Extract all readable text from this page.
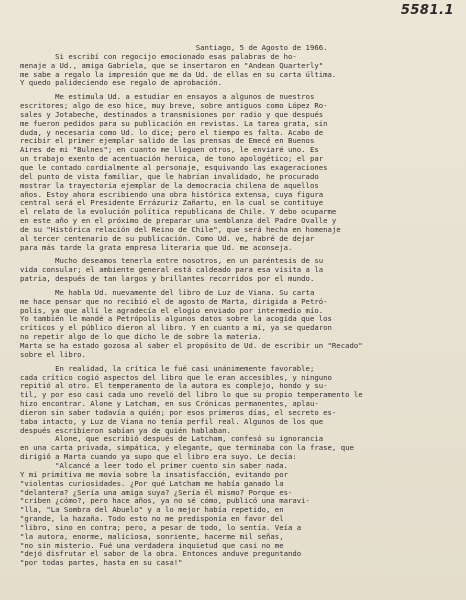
5581.1
Santiago, 5 de Agosto de 1966.
Si escribí con regocijo emocionado esas palabras de ho-
menaje a Ud., amiga Gabriela, que se insertaron en "Andean Quarterly"
me sabe a regalo la impresión que me da Ud. de ellas en su carta última.
Y quedo palideciendo ese regalo de aprobación.
Me estimula Ud. a estudiar en ensayos a algunos de nuestros
escritores; algo de eso hice, muy breve, sobre antiguos como López Ro-
sales y Jotabeche, destinados a transmisiones por radio y que después
me fueron pedidos para su publicación en revistas. La tarea grata, sin
duda, y necesaria como Ud. lo dice; pero el tiempo es falta. Acabo de
recibir el primer ejemplar salido de las prensas de Emecé en Buenos
Aires de mi "Bulnes"; en cuanto me lleguen otros, le enviaré uno. Es
un trabajo exento de acentuación heroica, de tono apologético; el par
que le contado cordialmente al personaje, esquivando las exageraciones
del punto de vista familiar, que le habrían invalidado, he procurado
mostrar la trayectoria ejemplar de la democracia chilena de aquellos
años. Estoy ahora escribiendo una obra histórica extensa, cuya figura
central será el Presidente Errázuriz Zañartu, en la cual se contituye
el relato de la evolución política republicana de Chile. Y debo ocuparme
en este año y en el próximo de preparar una semblanza del Padre Ovalle y
de su "Histórica relación del Reino de Chile", que será hecha en homenaje
al tercer centenario de su publicación. Como Ud. ve, habré de dejar
para más tarde la grata empresa literaria que Ud. me aconseja.
Mucho deseamos tenerla entre nosotros, en un paréntesis de su
vida consular; el ambiente general está caldeado para esa visita a la
patria, después de tan largos y brillantes recorridos por el mundo.
Me habla Ud. nuevamente del libro de Luz de Viana. Su carta
me hace pensar que no recibió el de agosto de Marta, dirigida a Petró-
polis, ya que allí le agradecía el elogio enviado por intermedio mío.
Yo también le mandé a Petrópolis algunos datos sobre la acogida que los
críticos y el público dieron al libro. Y en cuanto a mí, ya se quedaron
no repetir algo de lo que dicho le de sobre la materia.
Marta se ha estado gozosa al saber el propósito de Ud. de escribir un "Recado"
sobre el libro.
En realidad, la crítica le fué casi unánimemente favorable;
cada crítico cogió aspectos del libro que le eran accesibles, y ninguno
repitió al otro. El temperamento de la autora es complejo, hondo y su-
til, y por eso casi cada uno reveló del libro lo que su propio temperamento le
hizo encontrar. Alone y Latcham, en sus Crónicas permanentes, aplau-
dieron sin saber todavía a quién; por esos primeros días, el secreto es-
taba intacto, y Luz de Viana no tenía perfil real. Algunos de los que
después escribieron sabían ya de quién hablaban.
Alone, que escribió después de Latcham, confesó su ignorancia
en una carta privada, simpática, y elegante, que terminaba con la frase, que
dirigió a Marta cuando ya supo que el libro era suyo. Le decía:
"Alcancé a leer todo el primer cuento sin saber nada.
Y mi primitiva me movía sobre la insatisfacción, evitando por
"violentas curiosidades. ¿Por qué Latcham me había ganado la
"delantera? ¿Sería una amiga suya? ¿Sería él mismo? Porque es-
"criben ¿cómo?, pero hace años, ya no sé cómo, publicó una maravi-
"lla, "La Sombra del Abuelo" y a lo mejor había repetido, en
"grande, la hazaña. Todo esto no me predisponía en favor del
"libro, sino en contra; pero, a pesar de todo, lo sentía. Veía a
"la autora, enorme, maliciosa, sonriente, hacerme mil señas,
"no sin misterio. Fué una verdadera inquietud que casi no me
"dejó disfrutar el sabor de la obra. Entonces anduve preguntando
"por todas partes, hasta en su casa!"
